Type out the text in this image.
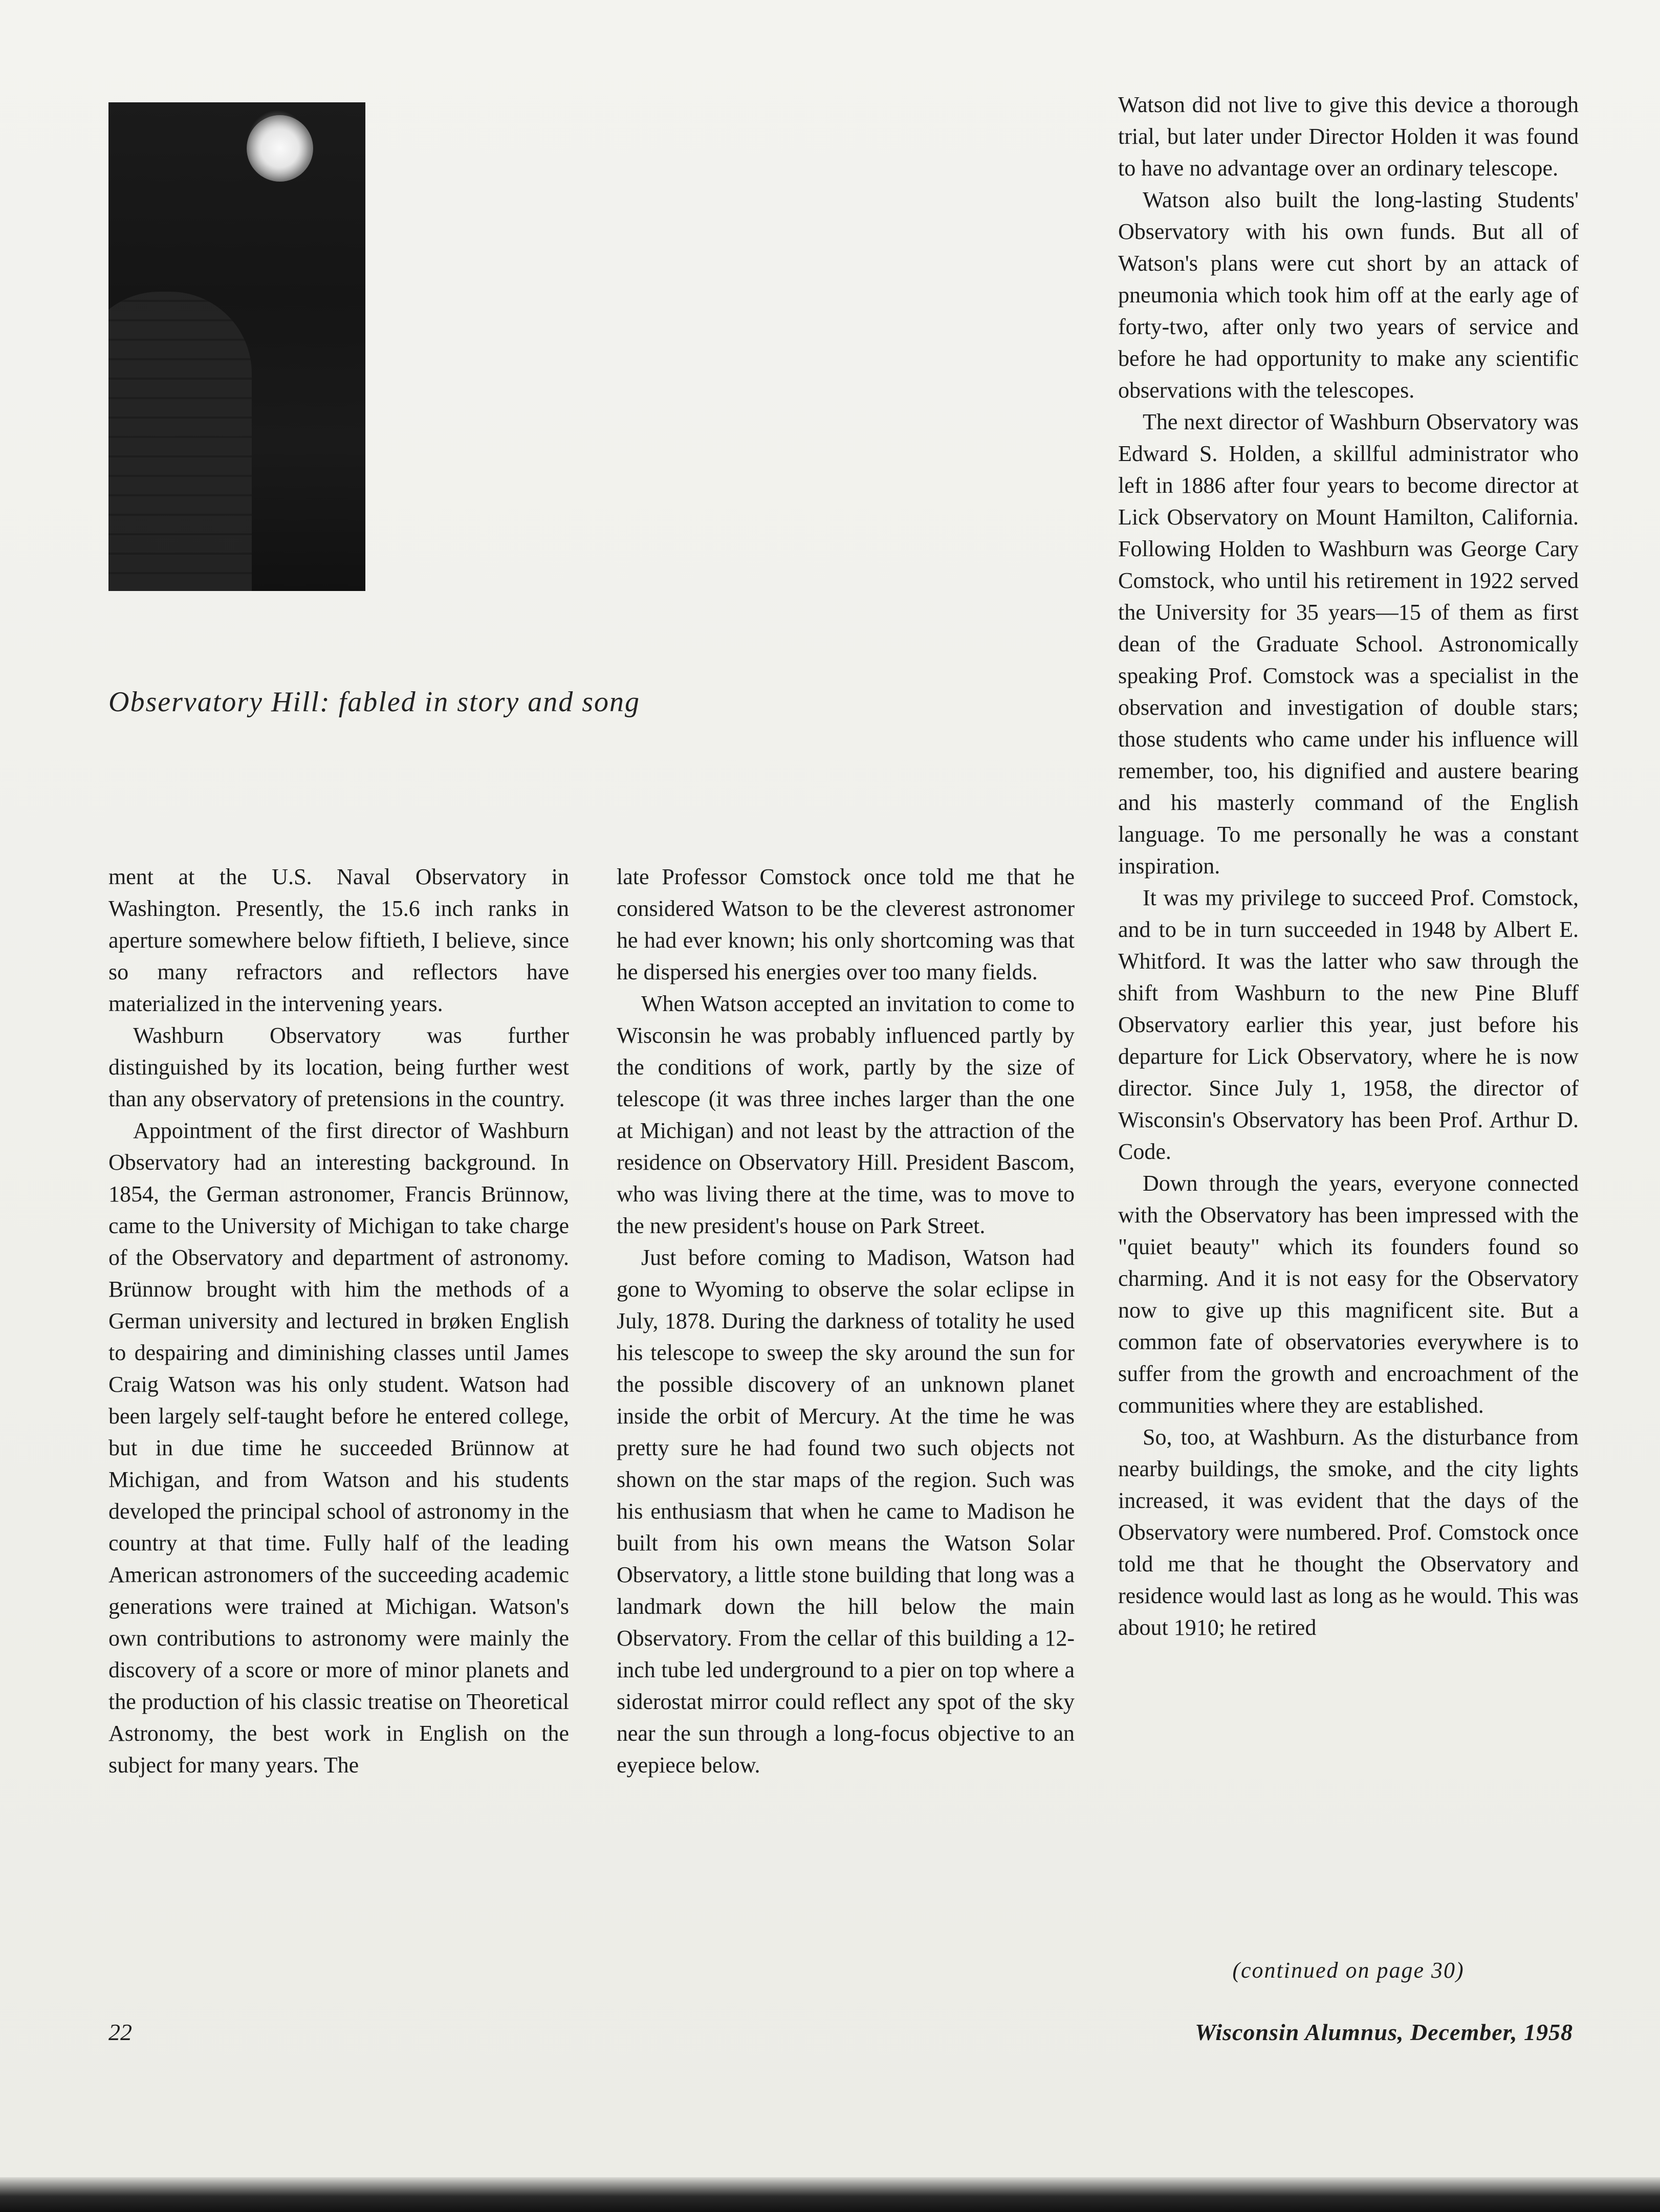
Observatory Hill: fabled in story and song

ment at the U.S. Naval Observatory in Washington. Presently, the 15.6 inch ranks in aperture somewhere below fiftieth, I believe, since so many refractors and reflectors have materialized in the intervening years.

Washburn Observatory was further distinguished by its location, being further west than any observatory of pretensions in the country.

Appointment of the first director of Washburn Observatory had an interesting background. In 1854, the German astronomer, Francis Brünnow, came to the University of Michigan to take charge of the Observatory and department of astronomy. Brünnow brought with him the methods of a German university and lectured in brøken English to despairing and diminishing classes until James Craig Watson was his only student. Watson had been largely self-taught before he entered college, but in due time he succeeded Brünnow at Michigan, and from Watson and his students developed the principal school of astronomy in the country at that time. Fully half of the leading American astronomers of the succeeding academic generations were trained at Michigan. Watson's own contributions to astronomy were mainly the discovery of a score or more of minor planets and the production of his classic treatise on Theoretical Astronomy, the best work in English on the subject for many years. The

late Professor Comstock once told me that he considered Watson to be the cleverest astronomer he had ever known; his only shortcoming was that he dispersed his energies over too many fields.

When Watson accepted an invitation to come to Wisconsin he was probably influenced partly by the conditions of work, partly by the size of telescope (it was three inches larger than the one at Michigan) and not least by the attraction of the residence on Observatory Hill. President Bascom, who was living there at the time, was to move to the new president's house on Park Street.

Just before coming to Madison, Watson had gone to Wyoming to observe the solar eclipse in July, 1878. During the darkness of totality he used his telescope to sweep the sky around the sun for the possible discovery of an unknown planet inside the orbit of Mercury. At the time he was pretty sure he had found two such objects not shown on the star maps of the region. Such was his enthusiasm that when he came to Madison he built from his own means the Watson Solar Observatory, a little stone building that long was a landmark down the hill below the main Observatory. From the cellar of this building a 12-inch tube led underground to a pier on top where a siderostat mirror could reflect any spot of the sky near the sun through a long-focus objective to an eyepiece below.

Watson did not live to give this device a thorough trial, but later under Director Holden it was found to have no advantage over an ordinary telescope.

Watson also built the long-lasting Students' Observatory with his own funds. But all of Watson's plans were cut short by an attack of pneumonia which took him off at the early age of forty-two, after only two years of service and before he had opportunity to make any scientific observations with the telescopes.

The next director of Washburn Observatory was Edward S. Holden, a skillful administrator who left in 1886 after four years to become director at Lick Observatory on Mount Hamilton, California. Following Holden to Washburn was George Cary Comstock, who until his retirement in 1922 served the University for 35 years—15 of them as first dean of the Graduate School. Astronomically speaking Prof. Comstock was a specialist in the observation and investigation of double stars; those students who came under his influence will remember, too, his dignified and austere bearing and his masterly command of the English language. To me personally he was a constant inspiration.

It was my privilege to succeed Prof. Comstock, and to be in turn succeeded in 1948 by Albert E. Whitford. It was the latter who saw through the shift from Washburn to the new Pine Bluff Observatory earlier this year, just before his departure for Lick Observatory, where he is now director. Since July 1, 1958, the director of Wisconsin's Observatory has been Prof. Arthur D. Code.

Down through the years, everyone connected with the Observatory has been impressed with the "quiet beauty" which its founders found so charming. And it is not easy for the Observatory now to give up this magnificent site. But a common fate of observatories everywhere is to suffer from the growth and encroachment of the communities where they are established.

So, too, at Washburn. As the disturbance from nearby buildings, the smoke, and the city lights increased, it was evident that the days of the Observatory were numbered. Prof. Comstock once told me that he thought the Observatory and residence would last as long as he would. This was about 1910; he retired

(continued on page 30)
22	Wisconsin Alumnus, December, 1958
